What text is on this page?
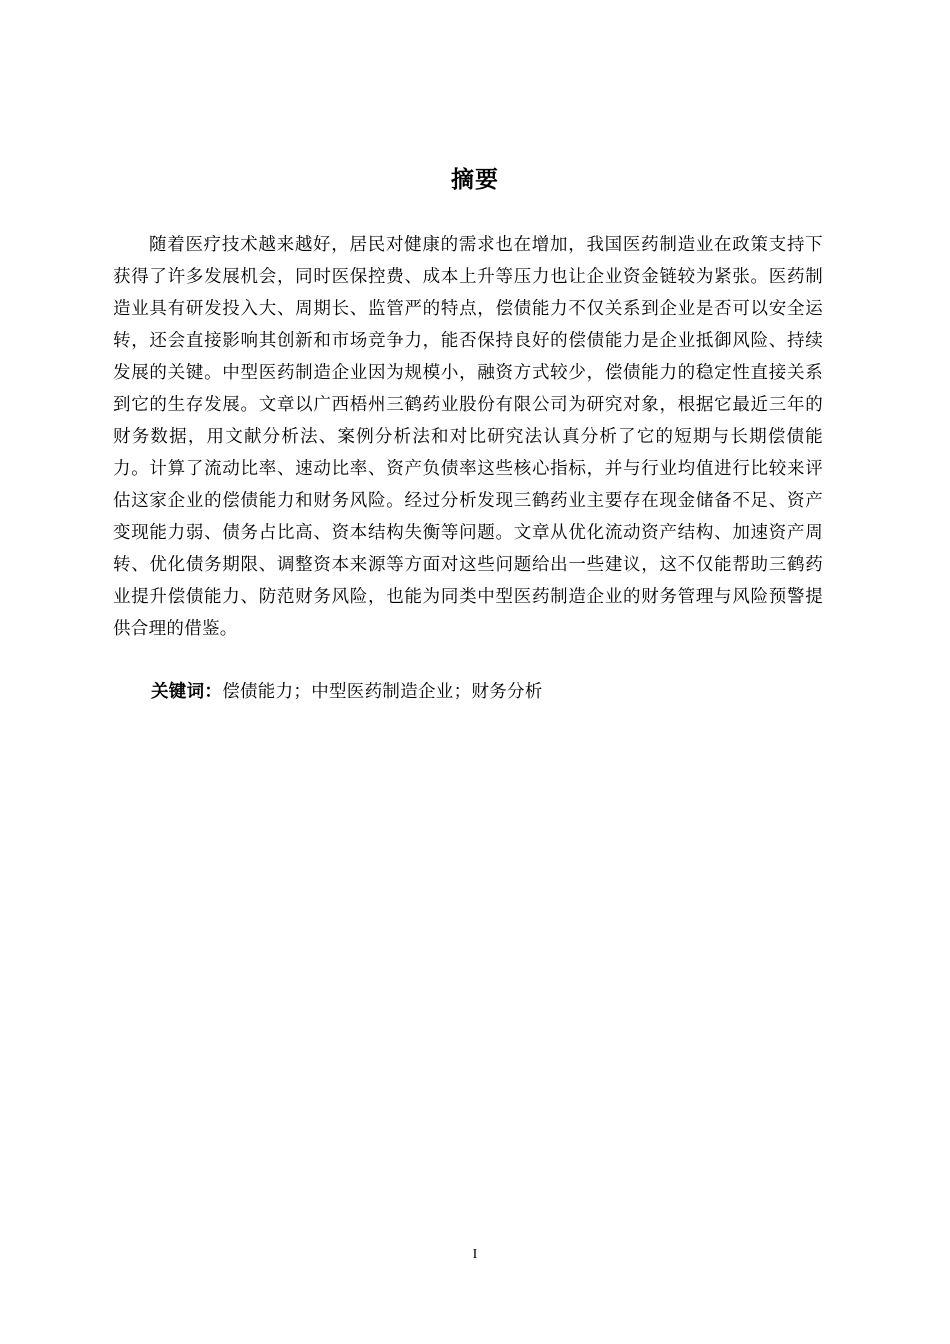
摘要

随着医疗技术越来越好，居民对健康的需求也在增加，我国医药制造业在政策支持下获得了许多发展机会，同时医保控费、成本上升等压力也让企业资金链较为紧张。医药制造业具有研发投入大、周期长、监管严的特点，偿债能力不仅关系到企业是否可以安全运转，还会直接影响其创新和市场竞争力，能否保持良好的偿债能力是企业抵御风险、持续发展的关键。中型医药制造企业因为规模小，融资方式较少，偿债能力的稳定性直接关系到它的生存发展。文章以广西梧州三鹤药业股份有限公司为研究对象，根据它最近三年的财务数据，用文献分析法、案例分析法和对比研究法认真分析了它的短期与长期偿债能力。计算了流动比率、速动比率、资产负债率这些核心指标，并与行业均值进行比较来评估这家企业的偿债能力和财务风险。经过分析发现三鹤药业主要存在现金储备不足、资产变现能力弱、债务占比高、资本结构失衡等问题。文章从优化流动资产结构、加速资产周转、优化债务期限、调整资本来源等方面对这些问题给出一些建议，这不仅能帮助三鹤药业提升偿债能力、防范财务风险，也能为同类中型医药制造企业的财务管理与风险预警提供合理的借鉴。

关键词：偿债能力；中型医药制造企业；财务分析

I
